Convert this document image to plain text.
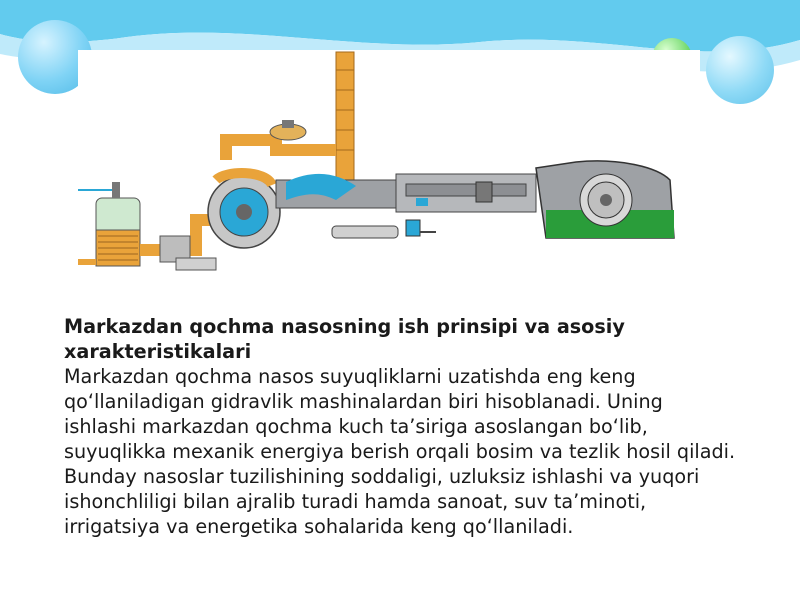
Markazdan qochma nasosning ish prinsipi va asosiy xarakteristikalari

Markazdan qochma nasos suyuqliklarni uzatishda eng keng qo‘llaniladigan gidravlik mashinalardan biri hisoblanadi. Uning ishlashi markazdan qochma kuch ta’siriga asoslangan bo‘lib, suyuqlikka mexanik energiya berish orqali bosim va tezlik hosil qiladi. Bunday nasoslar tuzilishining soddaligi, uzluksiz ishlashi va yuqori ishonchliligi bilan ajralib turadi hamda sanoat, suv ta’minoti, irrigatsiya va energetika sohalarida keng qo‘llaniladi.
